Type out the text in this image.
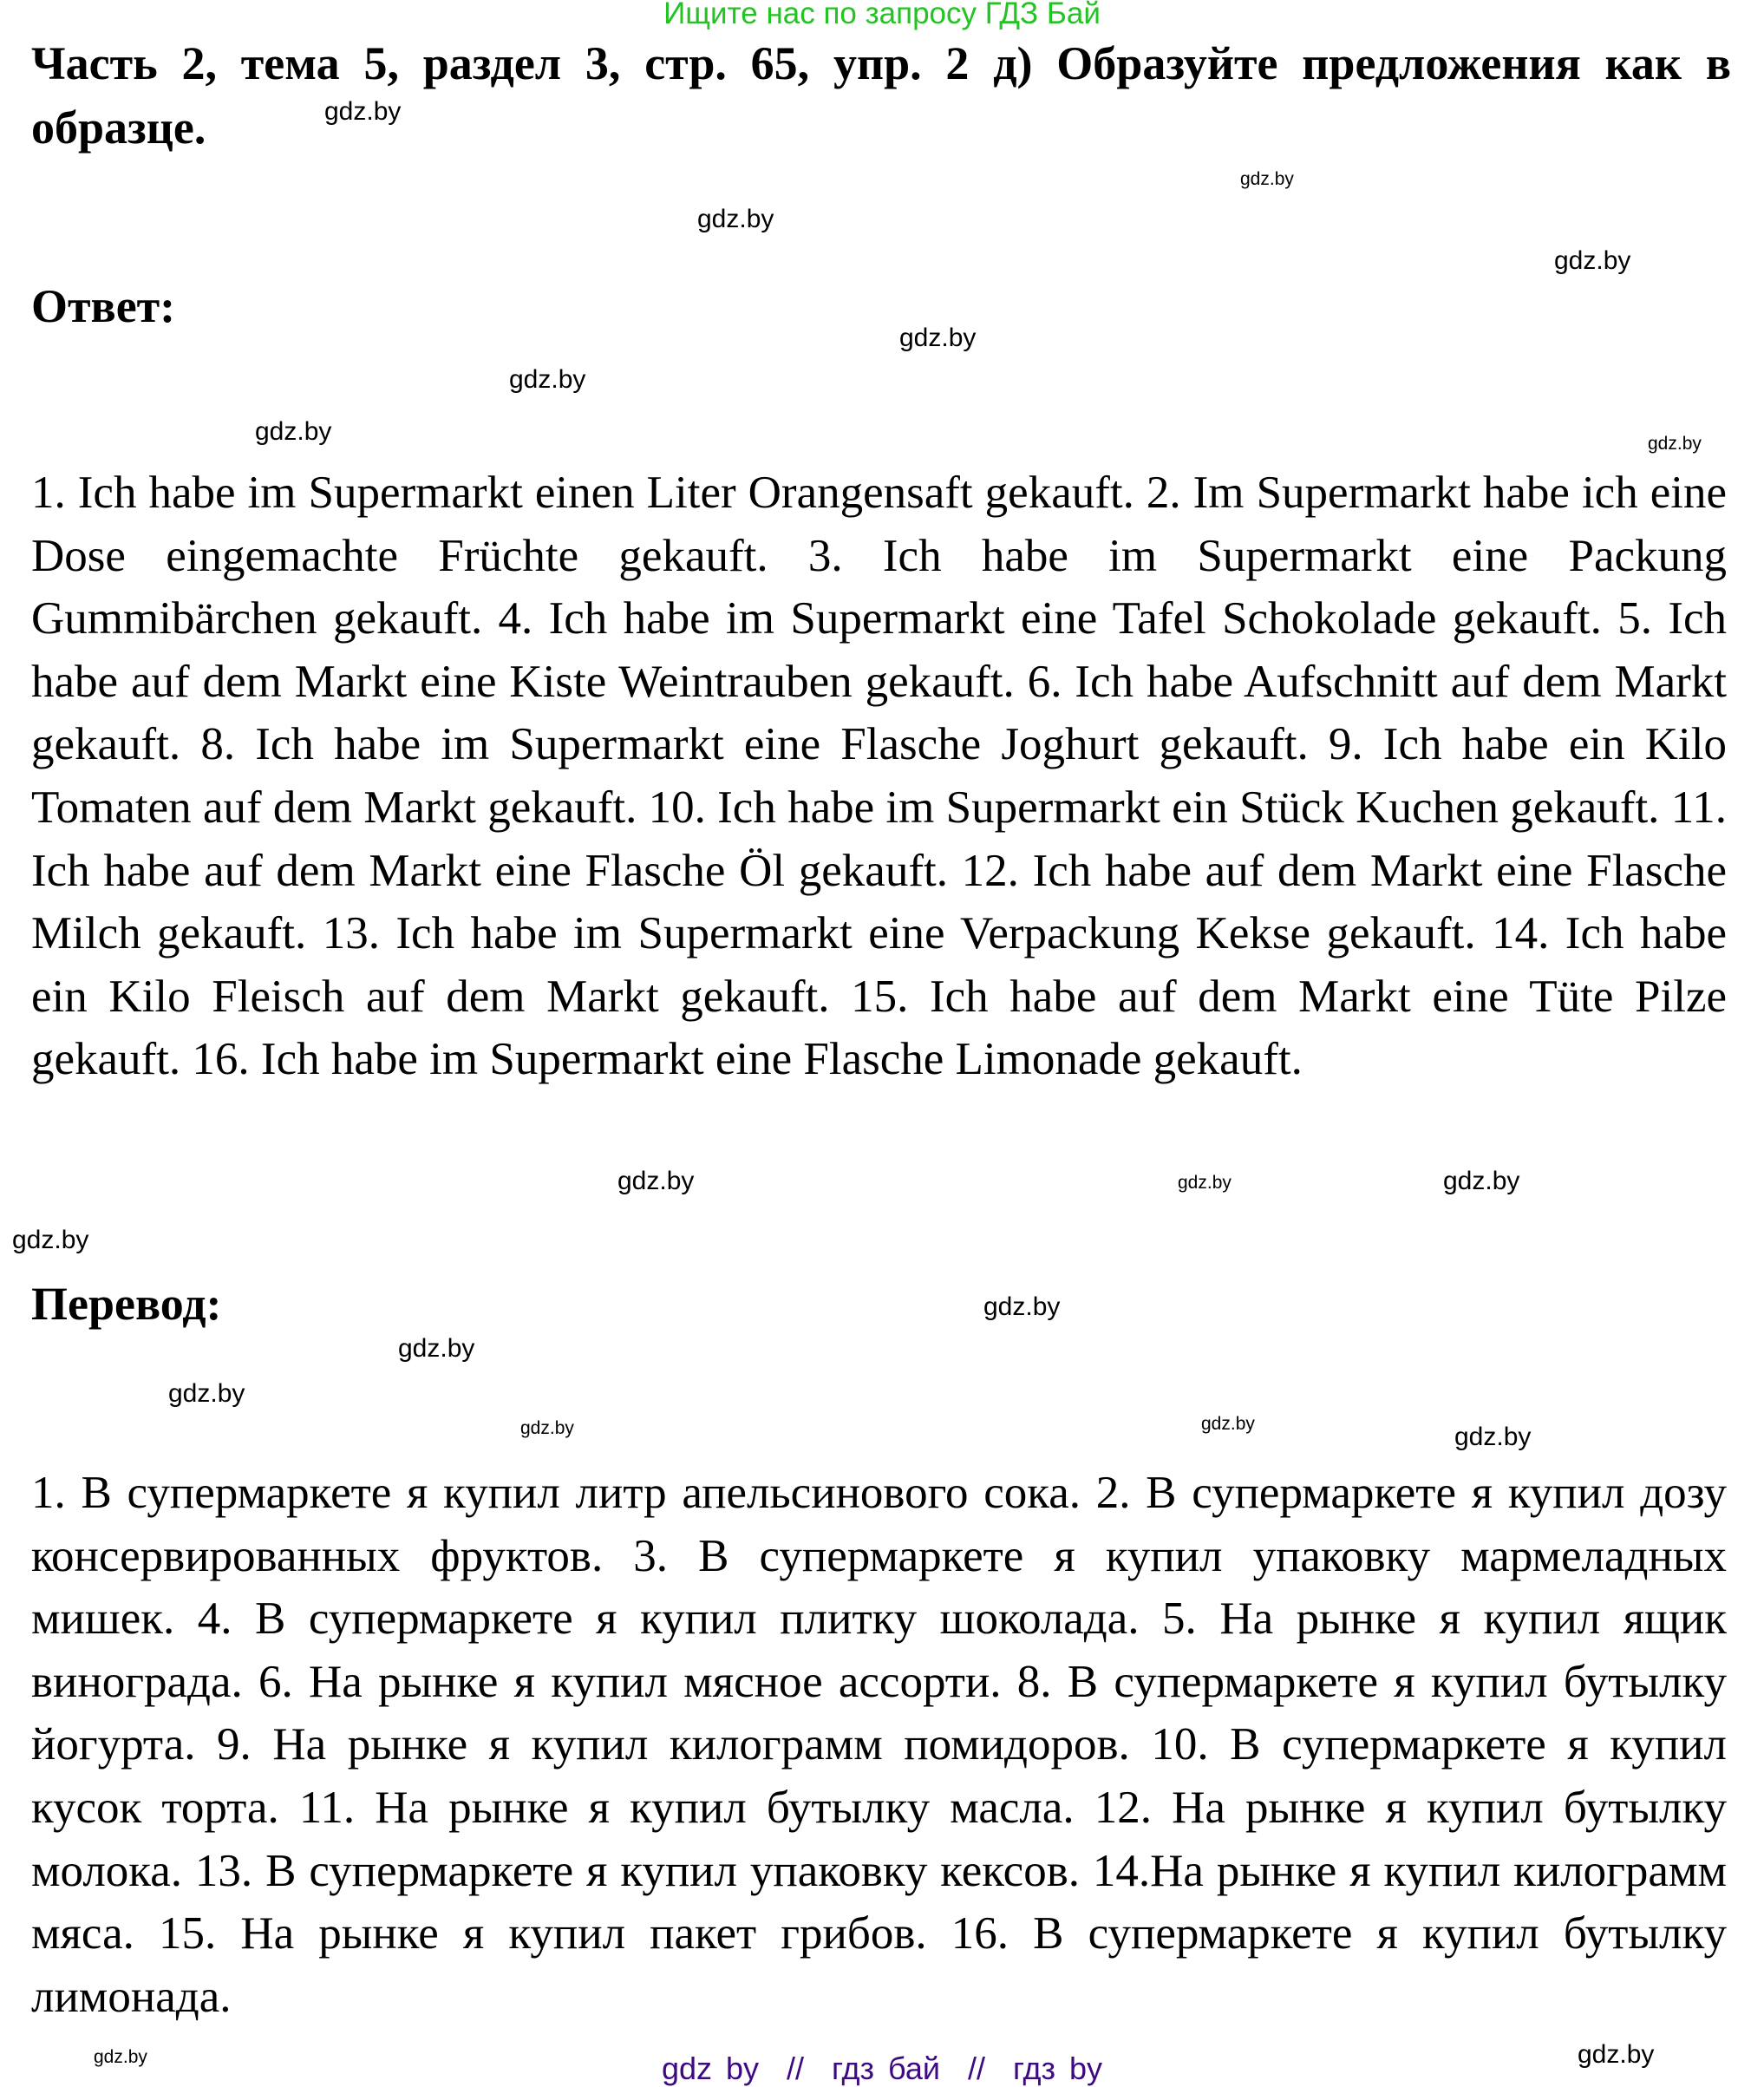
Ищите нас по запросу ГДЗ Бай
Часть 2, тема 5, раздел 3, стр. 65, упр. 2 д) Образуйте предложения как в образце.
Ответ:
1. Ich habe im Supermarkt einen Liter Orangensaft gekauft. 2. Im Supermarkt habe ich eine Dose eingemachte Früchte gekauft. 3. Ich habe im Supermarkt eine Packung Gummibärchen gekauft. 4. Ich habe im Supermarkt eine Tafel Schokolade gekauft. 5. Ich habe auf dem Markt eine Kiste Weintrauben gekauft. 6. Ich habe Aufschnitt auf dem Markt gekauft. 8. Ich habe im Supermarkt eine Flasche Joghurt gekauft. 9. Ich habe ein Kilo Tomaten auf dem Markt gekauft. 10. Ich habe im Supermarkt ein Stück Kuchen gekauft. 11. Ich habe auf dem Markt eine Flasche Öl gekauft. 12. Ich habe auf dem Markt eine Flasche Milch gekauft. 13. Ich habe im Supermarkt eine Verpackung Kekse gekauft. 14. Ich habe ein Kilo Fleisch auf dem Markt gekauft. 15. Ich habe auf dem Markt eine Tüte Pilze gekauft. 16. Ich habe im Supermarkt eine Flasche Limonade gekauft.
Перевод:
1. В супермаркете я купил литр апельсинового сока. 2. В супермаркете я купил дозу консервированных фруктов. 3. В супермаркете я купил упаковку мармеладных мишек. 4. В супермаркете я купил плитку шоколада. 5. На рынке я купил ящик винограда. 6. На рынке я купил мясное ассорти. 8. В супермаркете я купил бутылку йогурта. 9. На рынке я купил килограмм помидоров. 10. В супермаркете я купил кусок торта. 11. На рынке я купил бутылку масла. 12. На рынке я купил бутылку молока. 13. В супермаркете я купил упаковку кексов. 14.На рынке я купил килограмм мяса. 15. На рынке я купил пакет грибов. 16. В супермаркете я купил бутылку лимонада.
gdz.by
gdz.by
gdz.by
gdz.by
gdz.by
gdz.by	gdz.by
gdz.by
gdz.by	gdz.by
gdz.by
gdz.by
gdz.by
gdz.by
gdz.by
gdz.by
gdz.by	gdz.by
gdz.by	gdz.by
gdz by  //  гдз бай  //  гдз by
